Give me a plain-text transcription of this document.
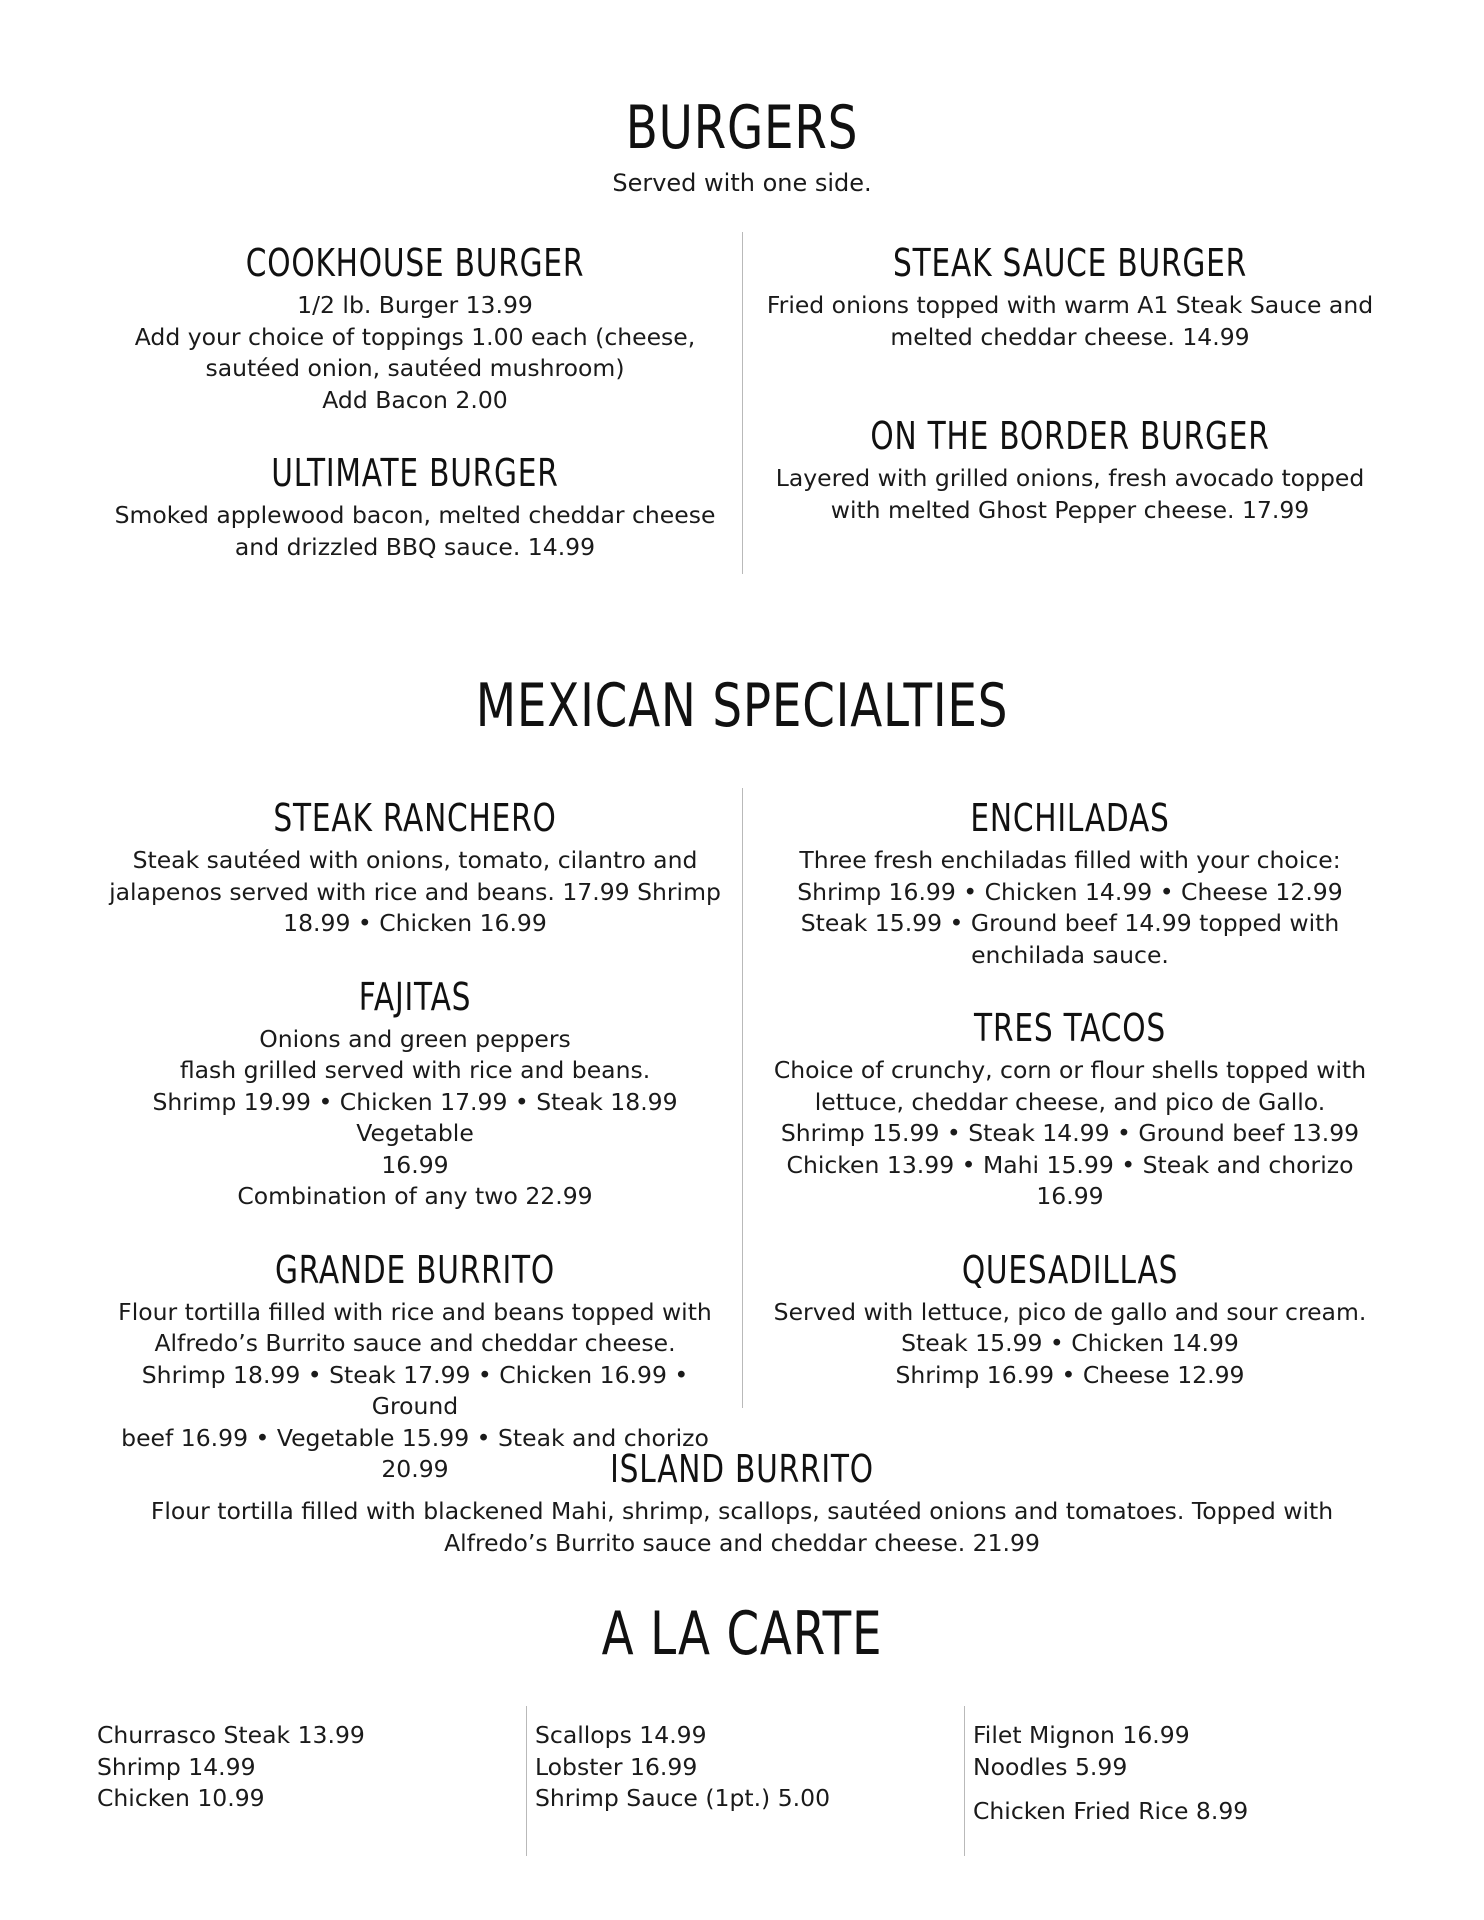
BURGERS

Served with one side.

COOKHOUSE BURGER

1/2 lb. Burger 13.99

Add your choice of toppings 1.00 each (cheese,

sautéed onion, sautéed mushroom)

Add Bacon 2.00

ULTIMATE BURGER

Smoked applewood bacon, melted cheddar cheese

and drizzled BBQ sauce. 14.99

STEAK SAUCE BURGER

Fried onions topped with warm A1 Steak Sauce and

melted cheddar cheese. 14.99

ON THE BORDER BURGER

Layered with grilled onions, fresh avocado topped

with melted Ghost Pepper cheese. 17.99

MEXICAN SPECIALTIES
STEAK RANCHERO

Steak sautéed with onions, tomato, cilantro and

jalapenos served with rice and beans. 17.99 Shrimp

18.99 • Chicken 16.99

FAJITAS

Onions and green peppers

flash grilled served with rice and beans.

Shrimp 19.99 • Chicken 17.99 • Steak 18.99 Vegetable

16.99

Combination of any two 22.99

GRANDE BURRITO

Flour tortilla filled with rice and beans topped with

Alfredo’s Burrito sauce and cheddar cheese.

Shrimp 18.99 • Steak 17.99 • Chicken 16.99 • Ground

beef 16.99 • Vegetable 15.99 • Steak and chorizo 20.99

ENCHILADAS

Three fresh enchiladas filled with your choice:

Shrimp 16.99 • Chicken 14.99 • Cheese 12.99

Steak 15.99 • Ground beef 14.99 topped with

enchilada sauce.

TRES TACOS

Choice of crunchy, corn or flour shells topped with

lettuce, cheddar cheese, and pico de Gallo.

Shrimp 15.99 • Steak 14.99 • Ground beef 13.99

Chicken 13.99 • Mahi 15.99 • Steak and chorizo 16.99

QUESADILLAS

Served with lettuce, pico de gallo and sour cream.

Steak 15.99 • Chicken 14.99

Shrimp 16.99 • Cheese 12.99

ISLAND BURRITO

Flour tortilla filled with blackened Mahi, shrimp, scallops, sautéed onions and tomatoes. Topped with

Alfredo’s Burrito sauce and cheddar cheese. 21.99

A LA CARTE
Churrasco Steak 13.99
Shrimp 14.99
Chicken 10.99
Scallops 14.99
Lobster 16.99
Shrimp Sauce (1pt.) 5.00
Filet Mignon 16.99
Noodles 5.99
Chicken Fried Rice 8.99
